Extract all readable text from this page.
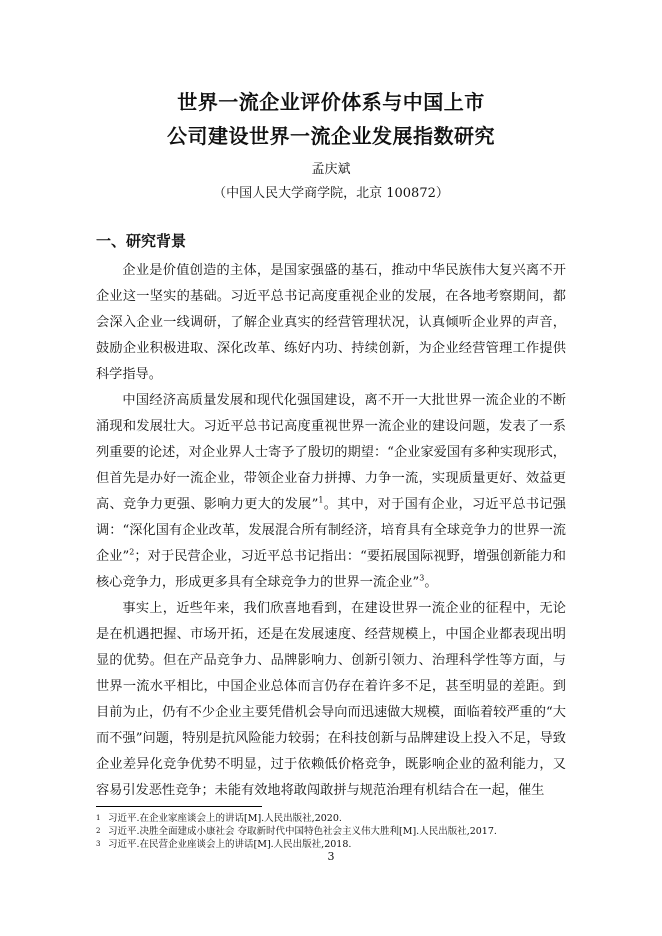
世界一流企业评价体系与中国上市
公司建设世界一流企业发展指数研究
孟庆斌
（中国人民大学商学院，北京 100872）
一、研究背景

企业是价值创造的主体，是国家强盛的基石，推动中华民族伟大复兴离不开企业这一坚实的基础。习近平总书记高度重视企业的发展，在各地考察期间，都会深入企业一线调研，了解企业真实的经营管理状况，认真倾听企业界的声音，鼓励企业积极进取、深化改革、练好内功、持续创新，为企业经营管理工作提供科学指导。

中国经济高质量发展和现代化强国建设，离不开一大批世界一流企业的不断涌现和发展壮大。习近平总书记高度重视世界一流企业的建设问题，发表了一系列重要的论述，对企业界人士寄予了殷切的期望：“企业家爱国有多种实现形式，但首先是办好一流企业，带领企业奋力拼搏、力争一流，实现质量更好、效益更高、竞争力更强、影响力更大的发展”$^1$。其中，对于国有企业，习近平总书记强调：“深化国有企业改革，发展混合所有制经济，培育具有全球竞争力的世界一流企业”$^2$；对于民营企业，习近平总书记指出：“要拓展国际视野，增强创新能力和核心竞争力，形成更多具有全球竞争力的世界一流企业”$^3$。

事实上，近些年来，我们欣喜地看到，在建设世界一流企业的征程中，无论是在机遇把握、市场开拓，还是在发展速度、经营规模上，中国企业都表现出明显的优势。但在产品竞争力、品牌影响力、创新引领力、治理科学性等方面，与世界一流水平相比，中国企业总体而言仍存在着许多不足，甚至明显的差距。到目前为止，仍有不少企业主要凭借机会导向而迅速做大规模，面临着较严重的“大而不强”问题，特别是抗风险能力较弱；在科技创新与品牌建设上投入不足，导致企业差异化竞争优势不明显，过于依赖低价格竞争，既影响企业的盈利能力，又容易引发恶性竞争；未能有效地将敢闯敢拼与规范治理有机结合在一起，催生

1 习近平.在企业家座谈会上的讲话[M].人民出版社,2020.

2 习近平.决胜全面建成小康社会 夺取新时代中国特色社会主义伟大胜利[M].人民出版社,2017.

3 习近平.在民营企业座谈会上的讲话[M].人民出版社,2018.

3
